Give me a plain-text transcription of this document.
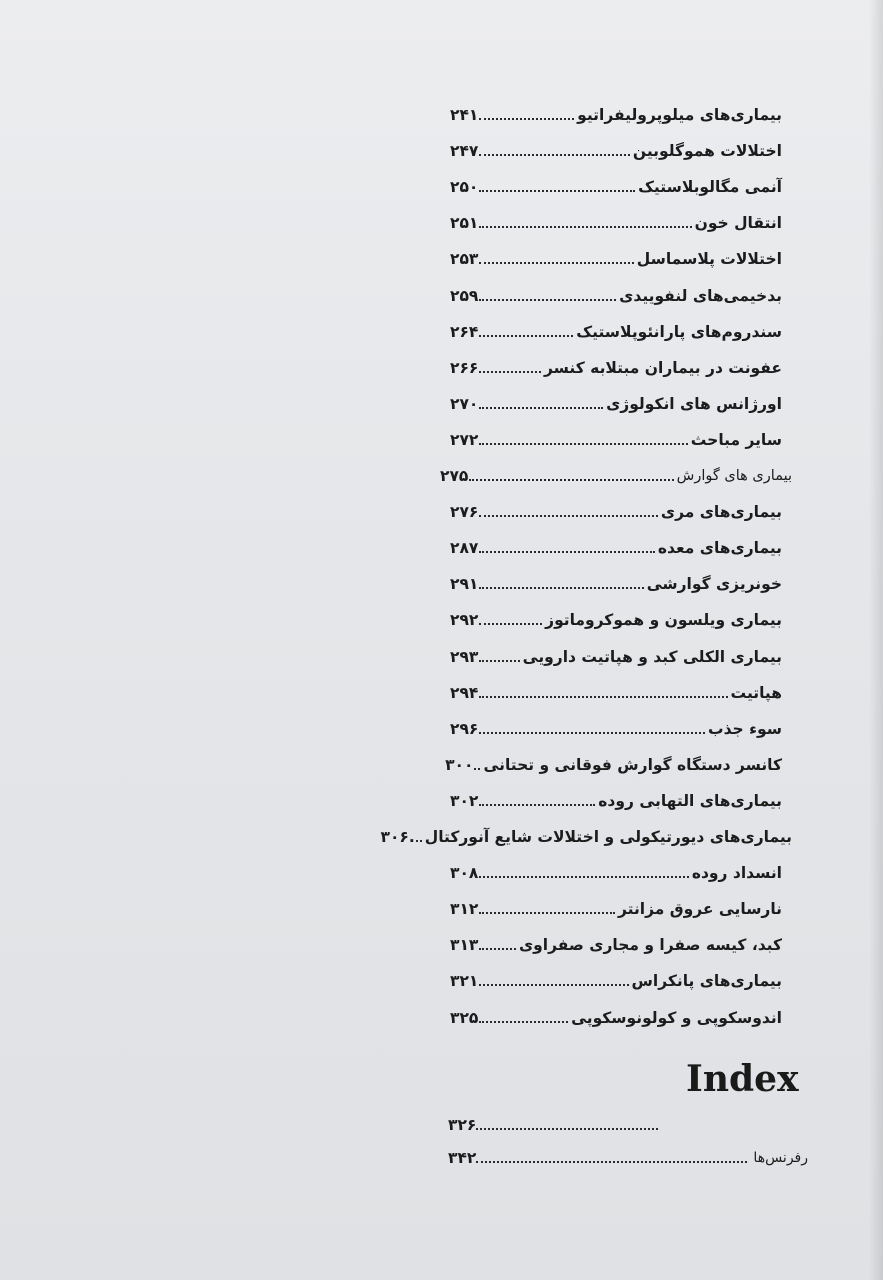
بیماری‌های میلوپرولیفراتیو
۲۴۱
اختلالات هموگلوبین
۲۴۷
آنمی مگالوبلاستیک
۲۵۰
انتقال خون
۲۵۱
اختلالات پلاسماسل
۲۵۳
بدخیمی‌های لنفوییدی
۲۵۹
سندروم‌های پارانئوپلاستیک
۲۶۴
عفونت در بیماران مبتلابه کنسر
۲۶۶
اورژانس های انکولوژی
۲۷۰
سایر مباحث
۲۷۲
بیماری های گوارش
۲۷۵
بیماری‌های مری
۲۷۶
بیماری‌های معده
۲۸۷
خونریزی گوارشی
۲۹۱
بیماری ویلسون و هموکروماتوز
۲۹۲
بیماری الکلی کبد و هپاتیت دارویی
۲۹۳
هپاتیت
۲۹۴
سوء جذب
۲۹۶
کانسر دستگاه گوارش فوقانی و تحتانی
۳۰۰
بیماری‌های التهابی روده
۳۰۲
بیماری‌های دیورتیکولی و اختلالات شایع آنورکتال
.۳۰۶
انسداد روده
۳۰۸
نارسایی عروق مزانتر
۳۱۲
کبد، کیسه صفرا و مجاری صفراوی
۳۱۳
بیماری‌های پانکراس
۳۲۱
اندوسکوپی و کولونوسکوپی
۳۲۵
Index
۳۲۶
رفرنس‌ها
۳۴۲
